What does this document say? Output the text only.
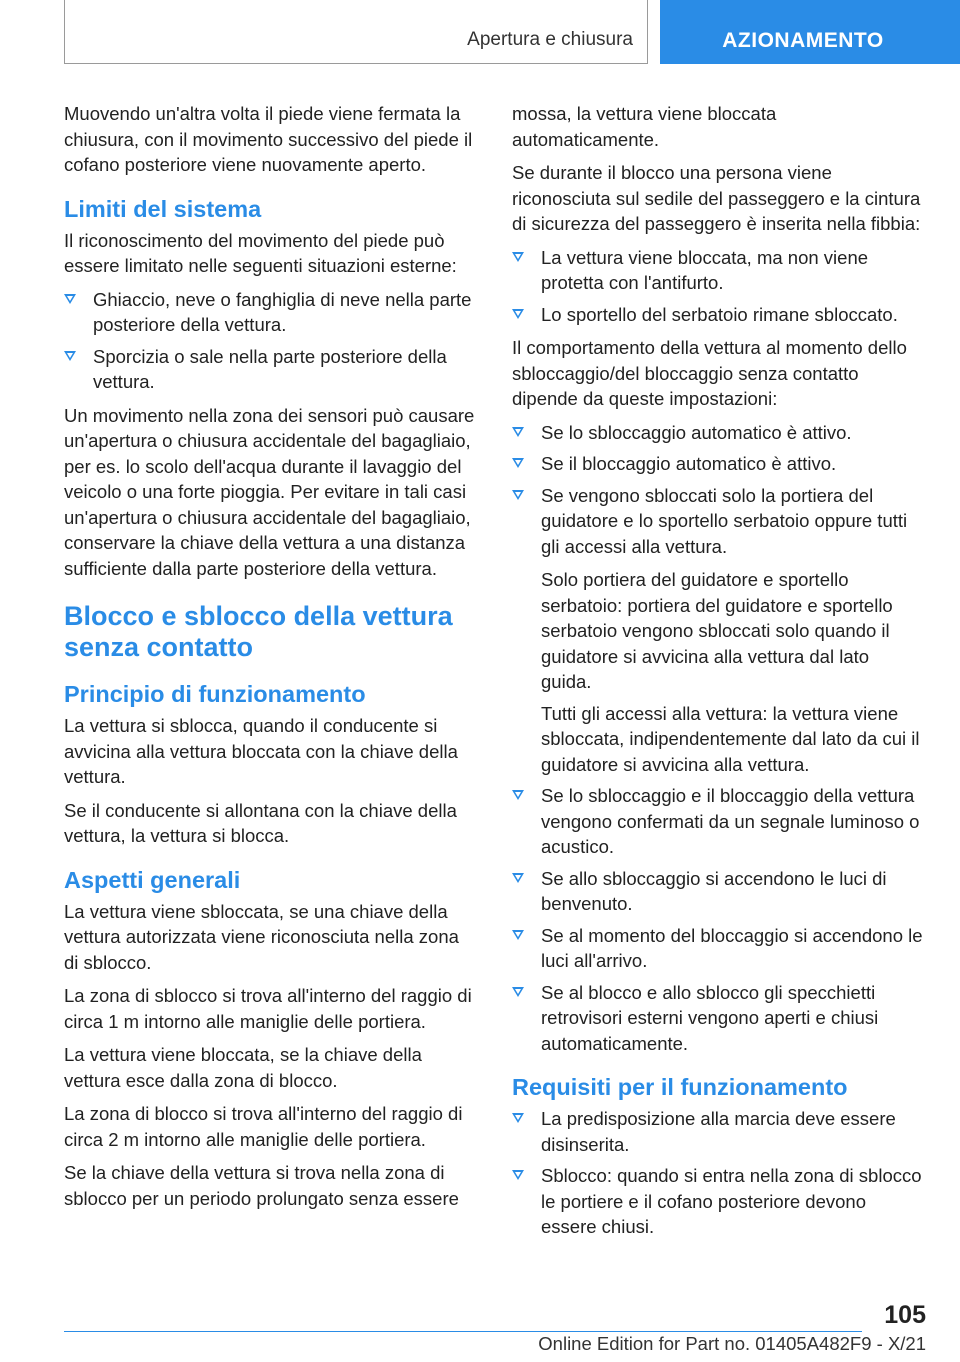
Apertura e chiusura	AZIONAMENTO

Muovendo un'altra volta il piede viene fermata la chiusura, con il movimento successivo del piede il cofano posteriore viene nuovamente aperto.

Limiti del sistema

Il riconoscimento del movimento del piede può essere limitato nelle seguenti situazioni esterne:

Ghiaccio, neve o fanghiglia di neve nella parte posteriore della vettura.
Sporcizia o sale nella parte posteriore della vettura.

Un movimento nella zona dei sensori può causare un'apertura o chiusura accidentale del bagagliaio, per es. lo scolo dell'acqua durante il lavaggio del veicolo o una forte pioggia. Per evitare in tali casi un'apertura o chiusura accidentale del bagagliaio, conservare la chiave della vettura a una distanza sufficiente dalla parte posteriore della vettura.

Blocco e sblocco della vettura senza contatto
Principio di funzionamento

La vettura si sblocca, quando il conducente si avvicina alla vettura bloccata con la chiave della vettura.

Se il conducente si allontana con la chiave della vettura, la vettura si blocca.

Aspetti generali

La vettura viene sbloccata, se una chiave della vettura autorizzata viene riconosciuta nella zona di sblocco.

La zona di sblocco si trova all'interno del raggio di circa 1 m intorno alle maniglie delle portiera.

La vettura viene bloccata, se la chiave della vettura esce dalla zona di blocco.

La zona di blocco si trova all'interno del raggio di circa 2 m intorno alle maniglie delle portiera.

Se la chiave della vettura si trova nella zona di sblocco per un periodo prolungato senza essere

mossa, la vettura viene bloccata automaticamente.

Se durante il blocco una persona viene riconosciuta sul sedile del passeggero e la cintura di sicurezza del passeggero è inserita nella fibbia:

La vettura viene bloccata, ma non viene protetta con l'antifurto.
Lo sportello del serbatoio rimane sbloccato.

Il comportamento della vettura al momento dello sbloccaggio/del bloccaggio senza contatto dipende da queste impostazioni:

Se lo sbloccaggio automatico è attivo.
Se il bloccaggio automatico è attivo.
Se vengono sbloccati solo la portiera del guidatore e lo sportello serbatoio oppure tutti gli accessi alla vettura.
Solo portiera del guidatore e sportello serbatoio: portiera del guidatore e sportello serbatoio vengono sbloccati solo quando il guidatore si avvicina alla vettura dal lato guida.
Tutti gli accessi alla vettura: la vettura viene sbloccata, indipendentemente dal lato da cui il guidatore si avvicina alla vettura.
Se lo sbloccaggio e il bloccaggio della vettura vengono confermati da un segnale luminoso o acustico.
Se allo sbloccaggio si accendono le luci di benvenuto.
Se al momento del bloccaggio si accendono le luci all'arrivo.
Se al blocco e allo sblocco gli specchietti retrovisori esterni vengono aperti e chiusi automaticamente.
Requisiti per il funzionamento
La predisposizione alla marcia deve essere disinserita.
Sblocco: quando si entra nella zona di sblocco le portiere e il cofano posteriore devono essere chiusi.
105
Online Edition for Part no. 01405A482F9 - X/21
